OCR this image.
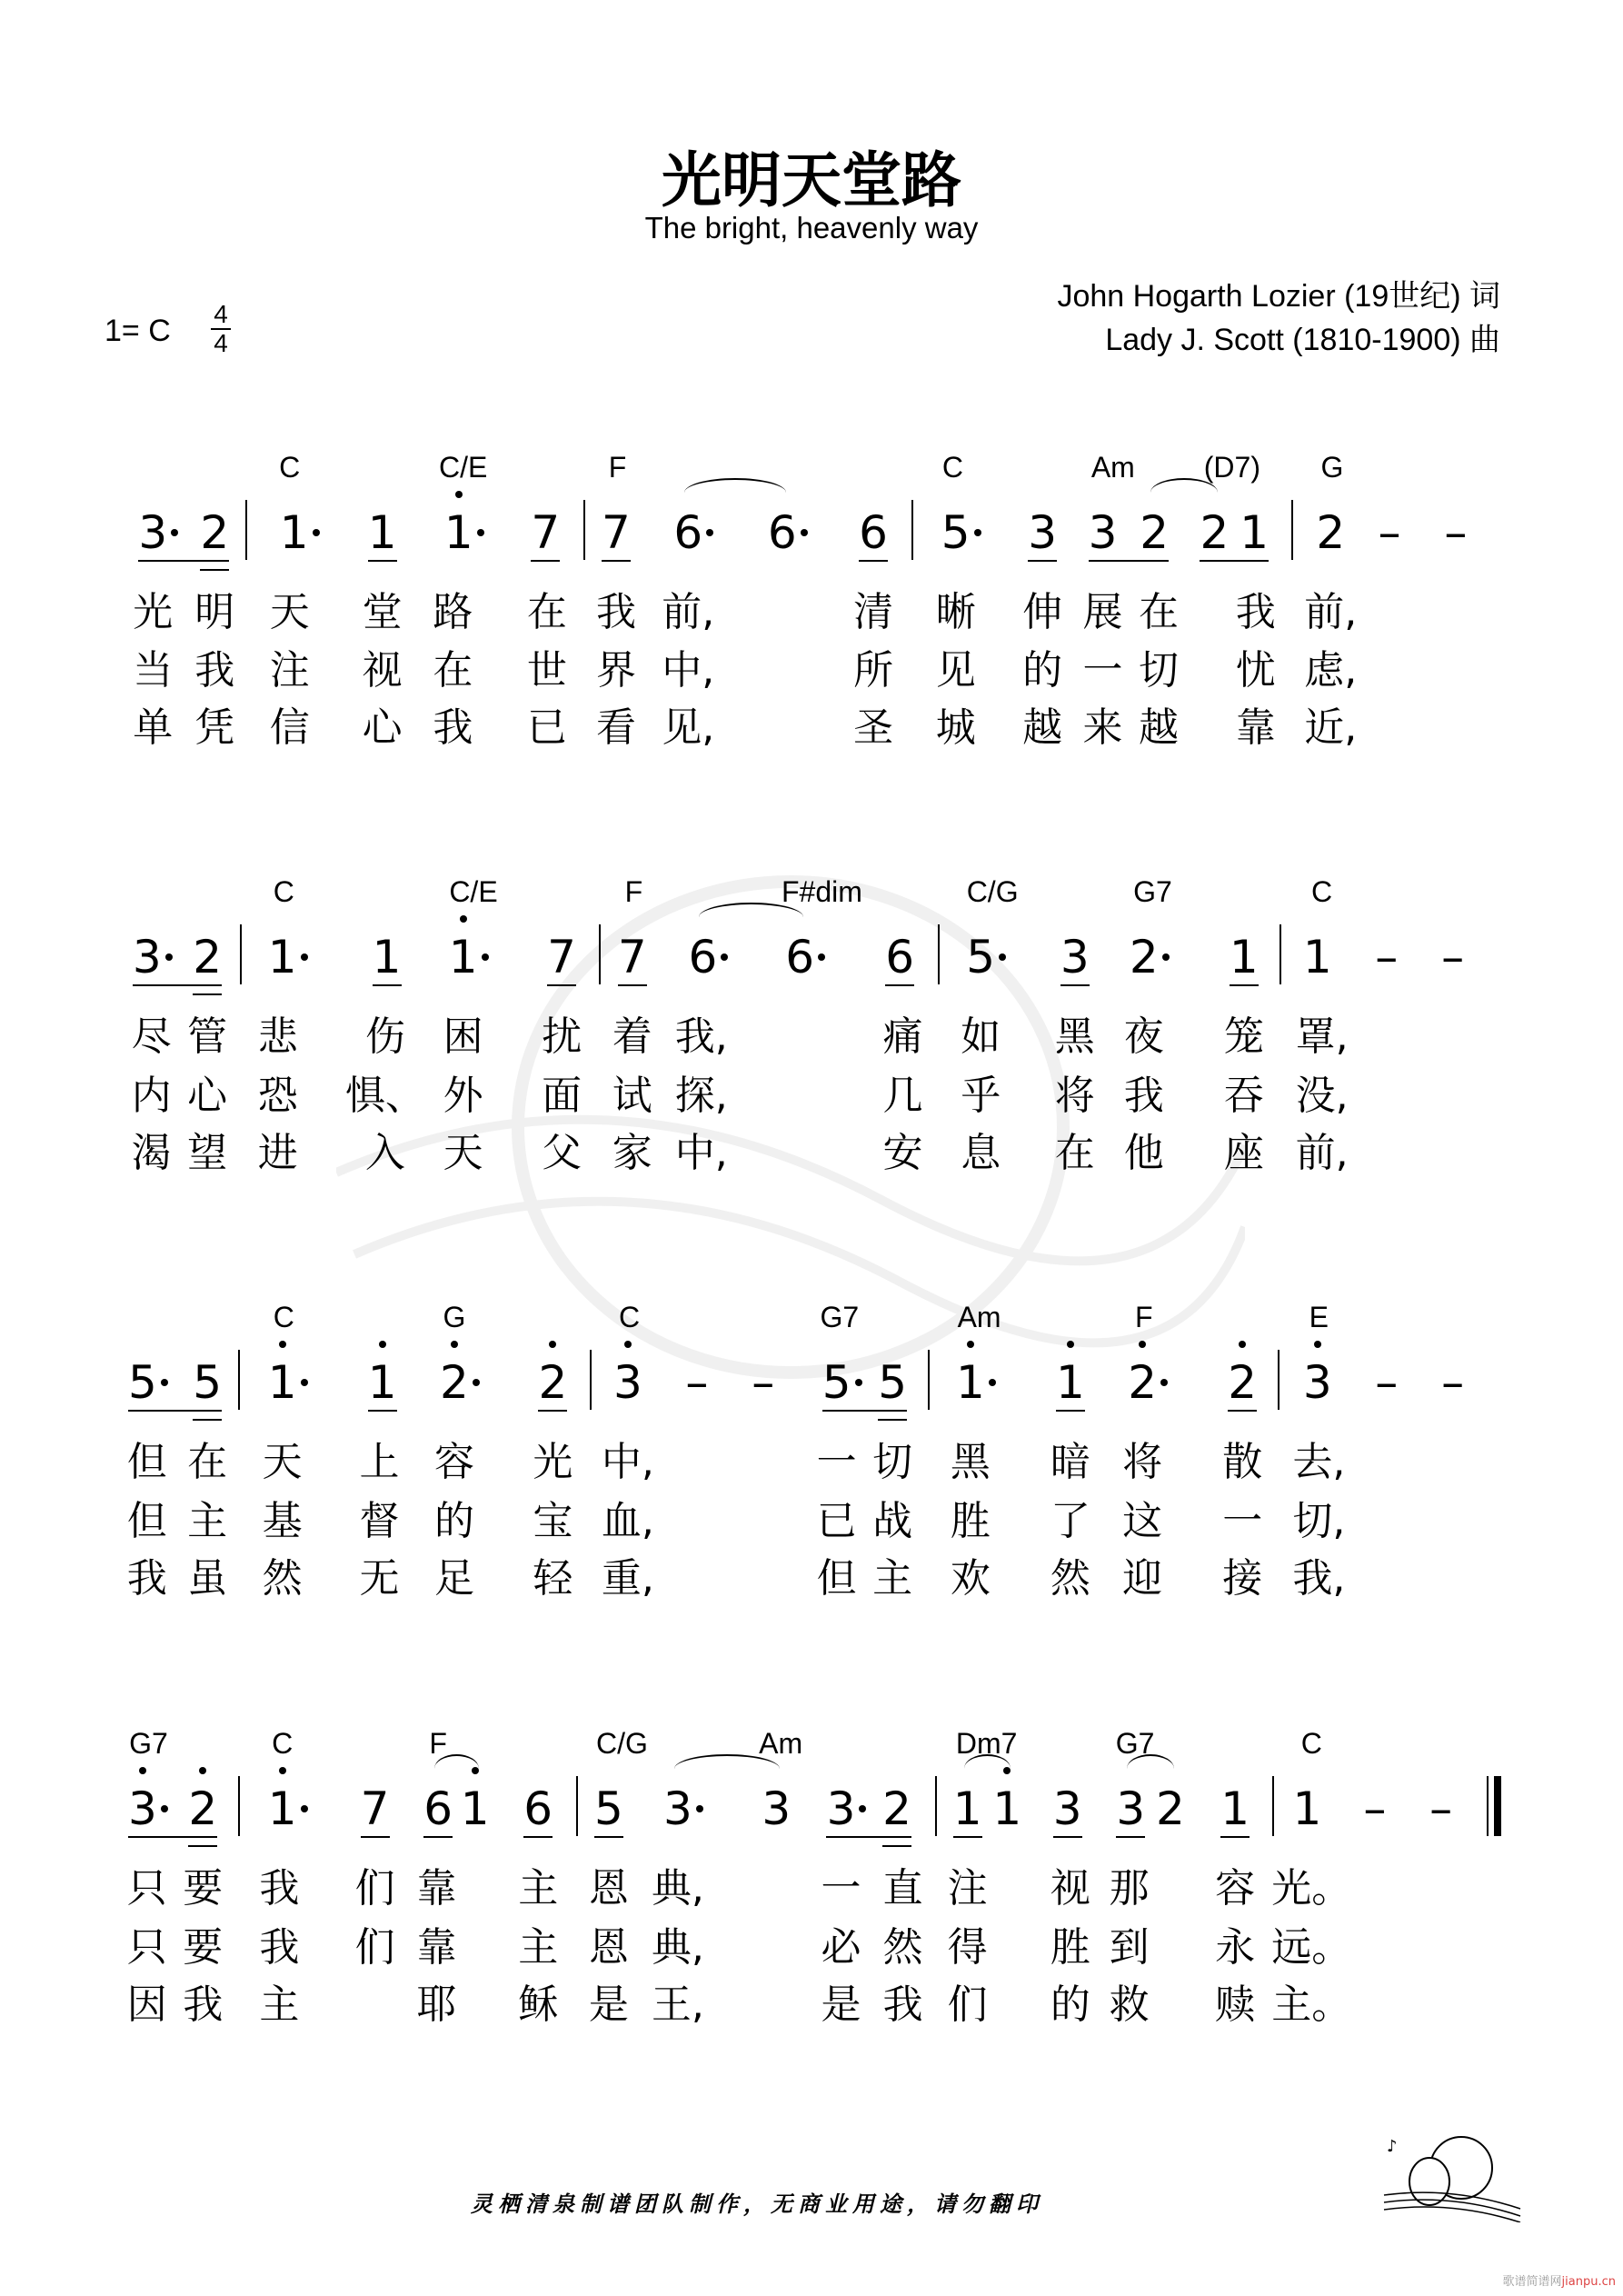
光明天堂路
The bright, heavenly way
John Hogarth Lozier (19世纪) 词
Lady J. Scott (1810-1900) 曲
1= C 4
4
C	C/E	F	C	Am (D7) G
3 2 1 1 1 7 7 6 6 6 5 3 3 2 2 1 2 – –
光 明 天 堂 路 在 我 前,	清 晰 伸 展 在 我 前,
当 我 注 视 在 世 界 中,	所 见 的 一 切 忧 虑,
单 凭 信 心 我 已 看 见,	圣 城 越 来 越 靠 近,
C	C/E	F	F#dim	C/G	G7	C
3 2 1 1 1 7 7 6 6 6 5 3 2 1 1 – –
尽 管 悲 伤 困 扰 着 我,	痛 如 黑 夜 笼 罩,
内 心 恐 惧、 外 面 试 探,	几 乎 将 我 吞 没,
渴 望 进 入 天 父 家 中,	安 息 在 他 座 前,
C	G	C	G7	Am	F	E
5 5 1 1 2 2 3 – – 5 5 1 1 2 2 3 – –
但 在 天 上 容 光 中,	一 切 黑 暗 将 散 去,
但 主 基 督 的 宝 血,	已 战 胜 了 这 一 切,
我 虽 然 无 足 轻 重,	但 主 欢 然 迎 接 我,
G7	C	F	C/G	Am	Dm7	G7	C
3 2 1 7 6 1 6 5 3 3 3 2 1 1 3 3 2 1 1 – –
只 要 我 们 靠 主 恩 典,	一 直 注 视 那 容 光。
只 要 我 们 靠 主 恩 典,	必 然 得 胜 到 永 远。
因 我 主	耶 稣 是 王,	是 我 们 的 救 赎 主。
灵栖清泉制谱团队制作，无商业用途，请勿翻印
♪
歌谱简谱网jianpu.cn
